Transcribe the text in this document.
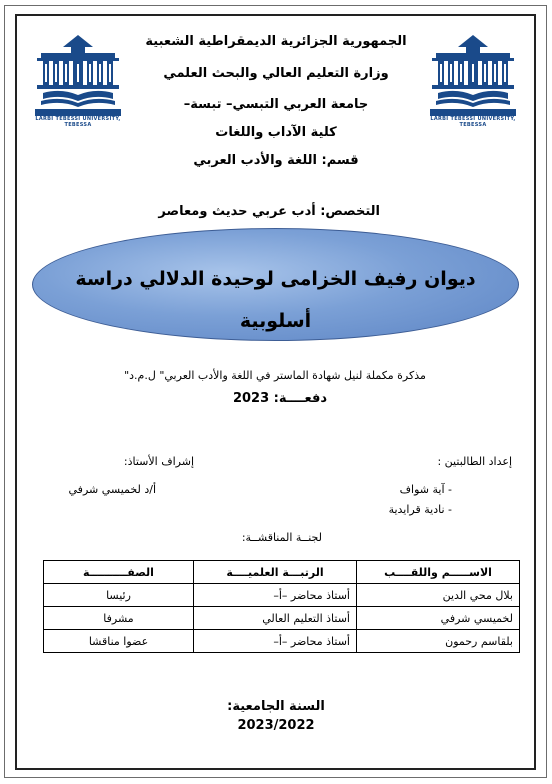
LARBI TEBESSI UNIVERSITY, TEBESSA
LARBI TEBESSI UNIVERSITY, TEBESSA
الجمهورية الجزائرية الديمقراطية الشعبية
وزارة التعليم العالي والبحث العلمي
جامعة العربي التبسي– تبسة–
كلية الآداب واللغات
قسم: اللغة والأدب العربي
التخصص: أدب عربي حديث ومعاصر
ديوان رفيف الخزامى لوحيدة الدلالي دراسة
أسلوبية
مذكرة مكملة لنيل شهادة الماستر في اللغة والأدب العربي" ل.م.د"
دفعــــة: 2023
إعداد الطالبتين :
إشراف الأستاذ:
- آية شواف
أ/د لخميسي شرفي
- نادية قرايدية
لجنــة المناقشــة:
الاســـــم واللقــــب	الرتبـــة العلميــــة	الصفــــــــــة
بلال محي الدين	أستاذ محاضر –أ–	رئيسا
لخميسي شرفي	أستاذ التعليم العالي	مشرفا
بلقاسم رحمون	أستاذ محاضر –أ–	عضوا مناقشا
السنة الجامعية:
2023/2022
